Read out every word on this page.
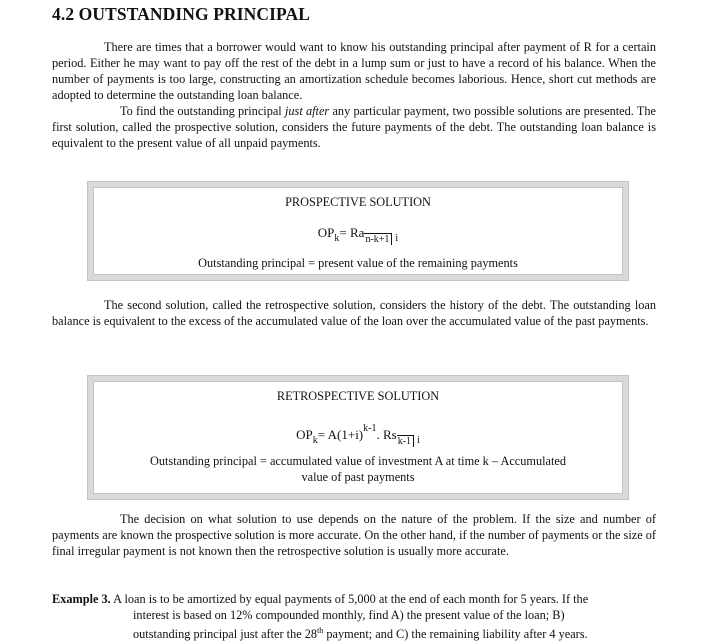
4.2 OUTSTANDING PRINCIPAL
There are times that a borrower would want to know his outstanding principal after payment of R for a certain period. Either he may want to pay off the rest of the debt in a lump sum or just to have a record of his balance. When the number of payments is too large, constructing an amortization schedule becomes laborious. Hence, short cut methods are adopted to determine the outstanding loan balance.
To find the outstanding principal just after any particular payment, two possible solutions are presented. The first solution, called the prospective solution, considers the future payments of the debt. The outstanding loan balance is equivalent to the present value of all unpaid payments.
PROSPECTIVE SOLUTION
OPk= Ran-k+1 i
Outstanding principal = present value of the remaining payments
The second solution, called the retrospective solution, considers the history of the debt. The outstanding loan balance is equivalent to the excess of the accumulated value of the loan over the accumulated value of the past payments.
RETROSPECTIVE SOLUTION
OPk= A(1+i)k-1. Rsk-1 i
Outstanding principal = accumulated value of investment A at time k – Accumulated
value of past payments
The decision on what solution to use depends on the nature of the problem. If the size and number of payments are known the prospective solution is more accurate. On the other hand, if the number of payments or the size of final irregular payment is not known then the retrospective solution is usually more accurate.
Example 3. A loan is to be amortized by equal payments of 5,000 at the end of each month for 5 years. If the
interest is based on 12% compounded monthly, find A) the present value of the loan; B)
outstanding principal just after the 28th payment; and C) the remaining liability after 4 years.
